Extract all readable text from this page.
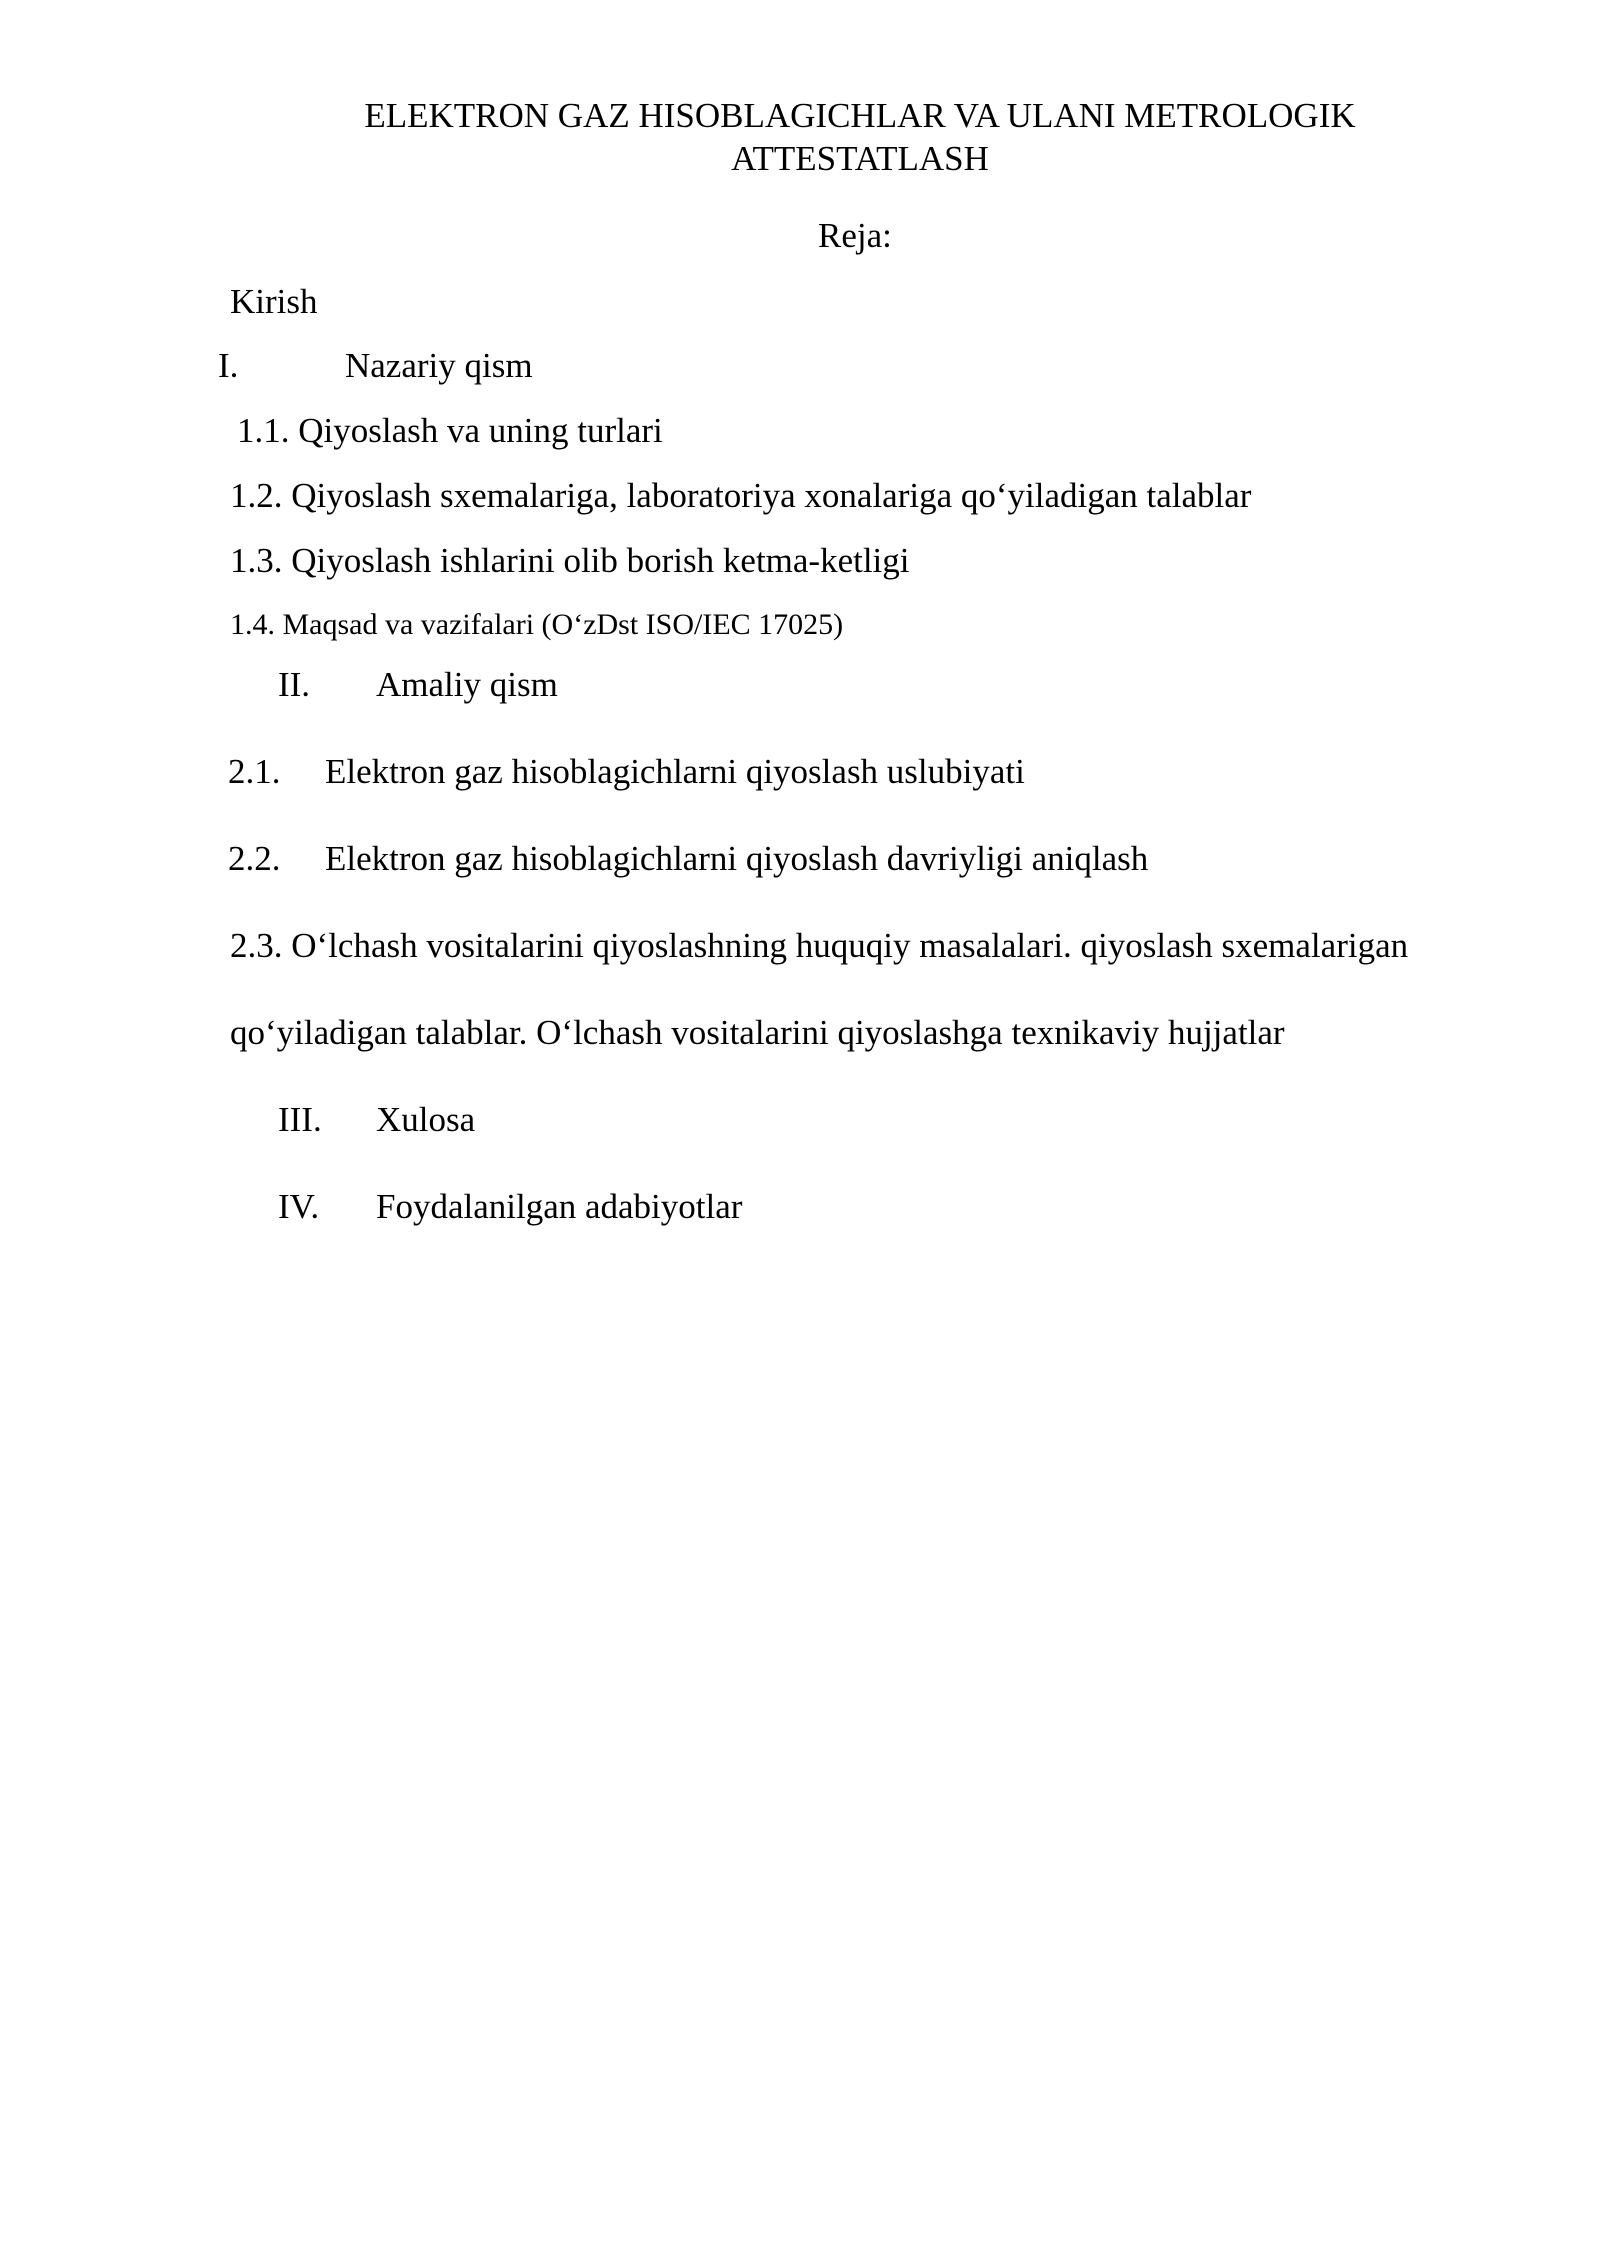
ELEKTRON GAZ HISOBLAGICHLAR VA ULANI METROLOGIK
ATTESTATLASH
Reja:
Kirish
I.	Nazariy qism
1.1. Qiyoslash va uning turlari
1.2. Qiyoslash sxemalariga, laboratoriya xonalariga qo‘yiladigan talablar
1.3. Qiyoslash ishlarini olib borish ketma-ketligi
1.4. Maqsad va vazifalari (O‘zDst ISO/IEC 17025)
II. Amaliy qism
2.1. Elektron gaz hisoblagichlarni qiyoslash uslubiyati
2.2. Elektron gaz hisoblagichlarni qiyoslash davriyligi aniqlash
2.3. O‘lchash vositalarini qiyoslashning huquqiy masalalari. qiyoslash sxemalarigan
qo‘yiladigan talablar. O‘lchash vositalarini qiyoslashga texnikaviy hujjatlar
III. Xulosa
IV. Foydalanilgan adabiyotlar
